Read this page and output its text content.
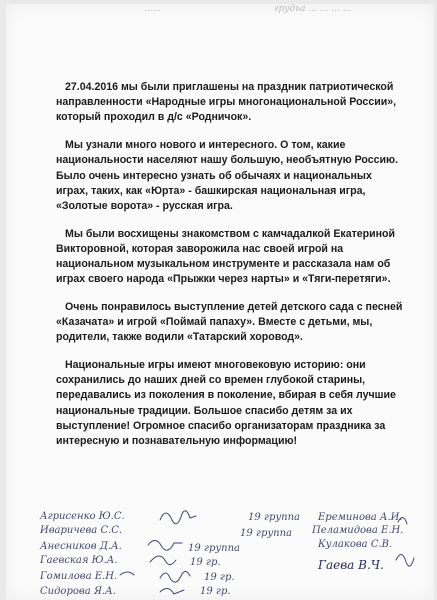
......	грудьа ... ... ... ...

27.04.2016 мы были приглашены на праздник патриотической направленности «Народные игры многонациональной России», который проходил в д/с «Родничок».

Мы узнали много нового и интересного. О том, какие национальности населяют нашу большую, необъятную Россию. Было очень интересно узнать об обычаях и национальных играх, таких, как «Юрта» - башкирская национальная игра, «Золотые ворота» - русская игра.

Мы были восхищены знакомством с камчадалкой Екатериной Викторовной, которая заворожила нас своей игрой на национальном музыкальном инструменте и рассказала нам об играх своего народа «Прыжки через нарты» и «Тяги-перетяги».

Очень понравилось выступление детей детского сада с песней «Казачата» и игрой «Поймай папаху». Вместе с детьми, мы, родители, также водили «Татарский хоровод».

Национальные игры имеют многовековую историю: они сохранились до наших дней со времен глубокой старины, передавались из поколения в поколение, вбирая в себя лучшие национальные традиции. Большое спасибо детям за их выступление! Огромное спасибо организаторам праздника за интересную и познавательную информацию!

Агрисенко Ю.С.
Иваричева С.С.
Анесников Д.А.
Гаевская Ю.А.
Гомилова Е.Н.
Сидорова Я.А.
19 группа
19 группа
19 группа
19 гр.
19 гр.
19 гр.
Ереминова А.И.
Пеламидова Е.Н.
Кулакова С.В.
Гаева В.Ч.
